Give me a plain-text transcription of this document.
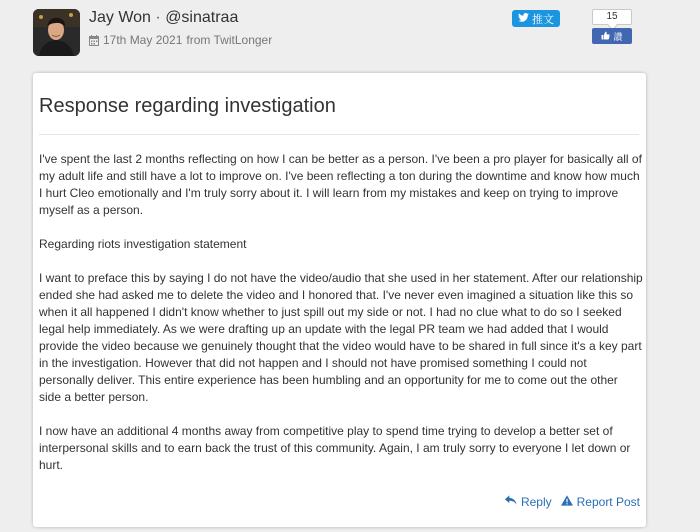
Jay Won · @sinatraa
17th May 2021 from TwitLonger
推文	15
讚
Response regarding investigation

I've spent the last 2 months reflecting on how I can be better as a person. I've been a pro player for basically all of my adult life and still have a lot to improve on. I've been reflecting a ton during the downtime and know how much I hurt Cleo emotionally and I'm truly sorry about it. I will learn from my mistakes and keep on trying to improve myself as a person.

Regarding riots investigation statement

I want to preface this by saying I do not have the video/audio that she used in her statement. After our relationship ended she had asked me to delete the video and I honored that. I've never even imagined a situation like this so when it all happened I didn't know whether to just spill out my side or not. I had no clue what to do so I seeked legal help immediately. As we were drafting up an update with the legal PR team we had added that I would provide the video because we genuinely thought that the video would have to be shared in full since it's a key part in the investigation. However that did not happen and I should not have promised something I could not personally deliver. This entire experience has been humbling and an opportunity for me to come out the other side a better person.

I now have an additional 4 months away from competitive play to spend time trying to develop a better set of interpersonal skills and to earn back the trust of this community. Again, I am truly sorry to everyone I let down or hurt.

Reply Report Post
